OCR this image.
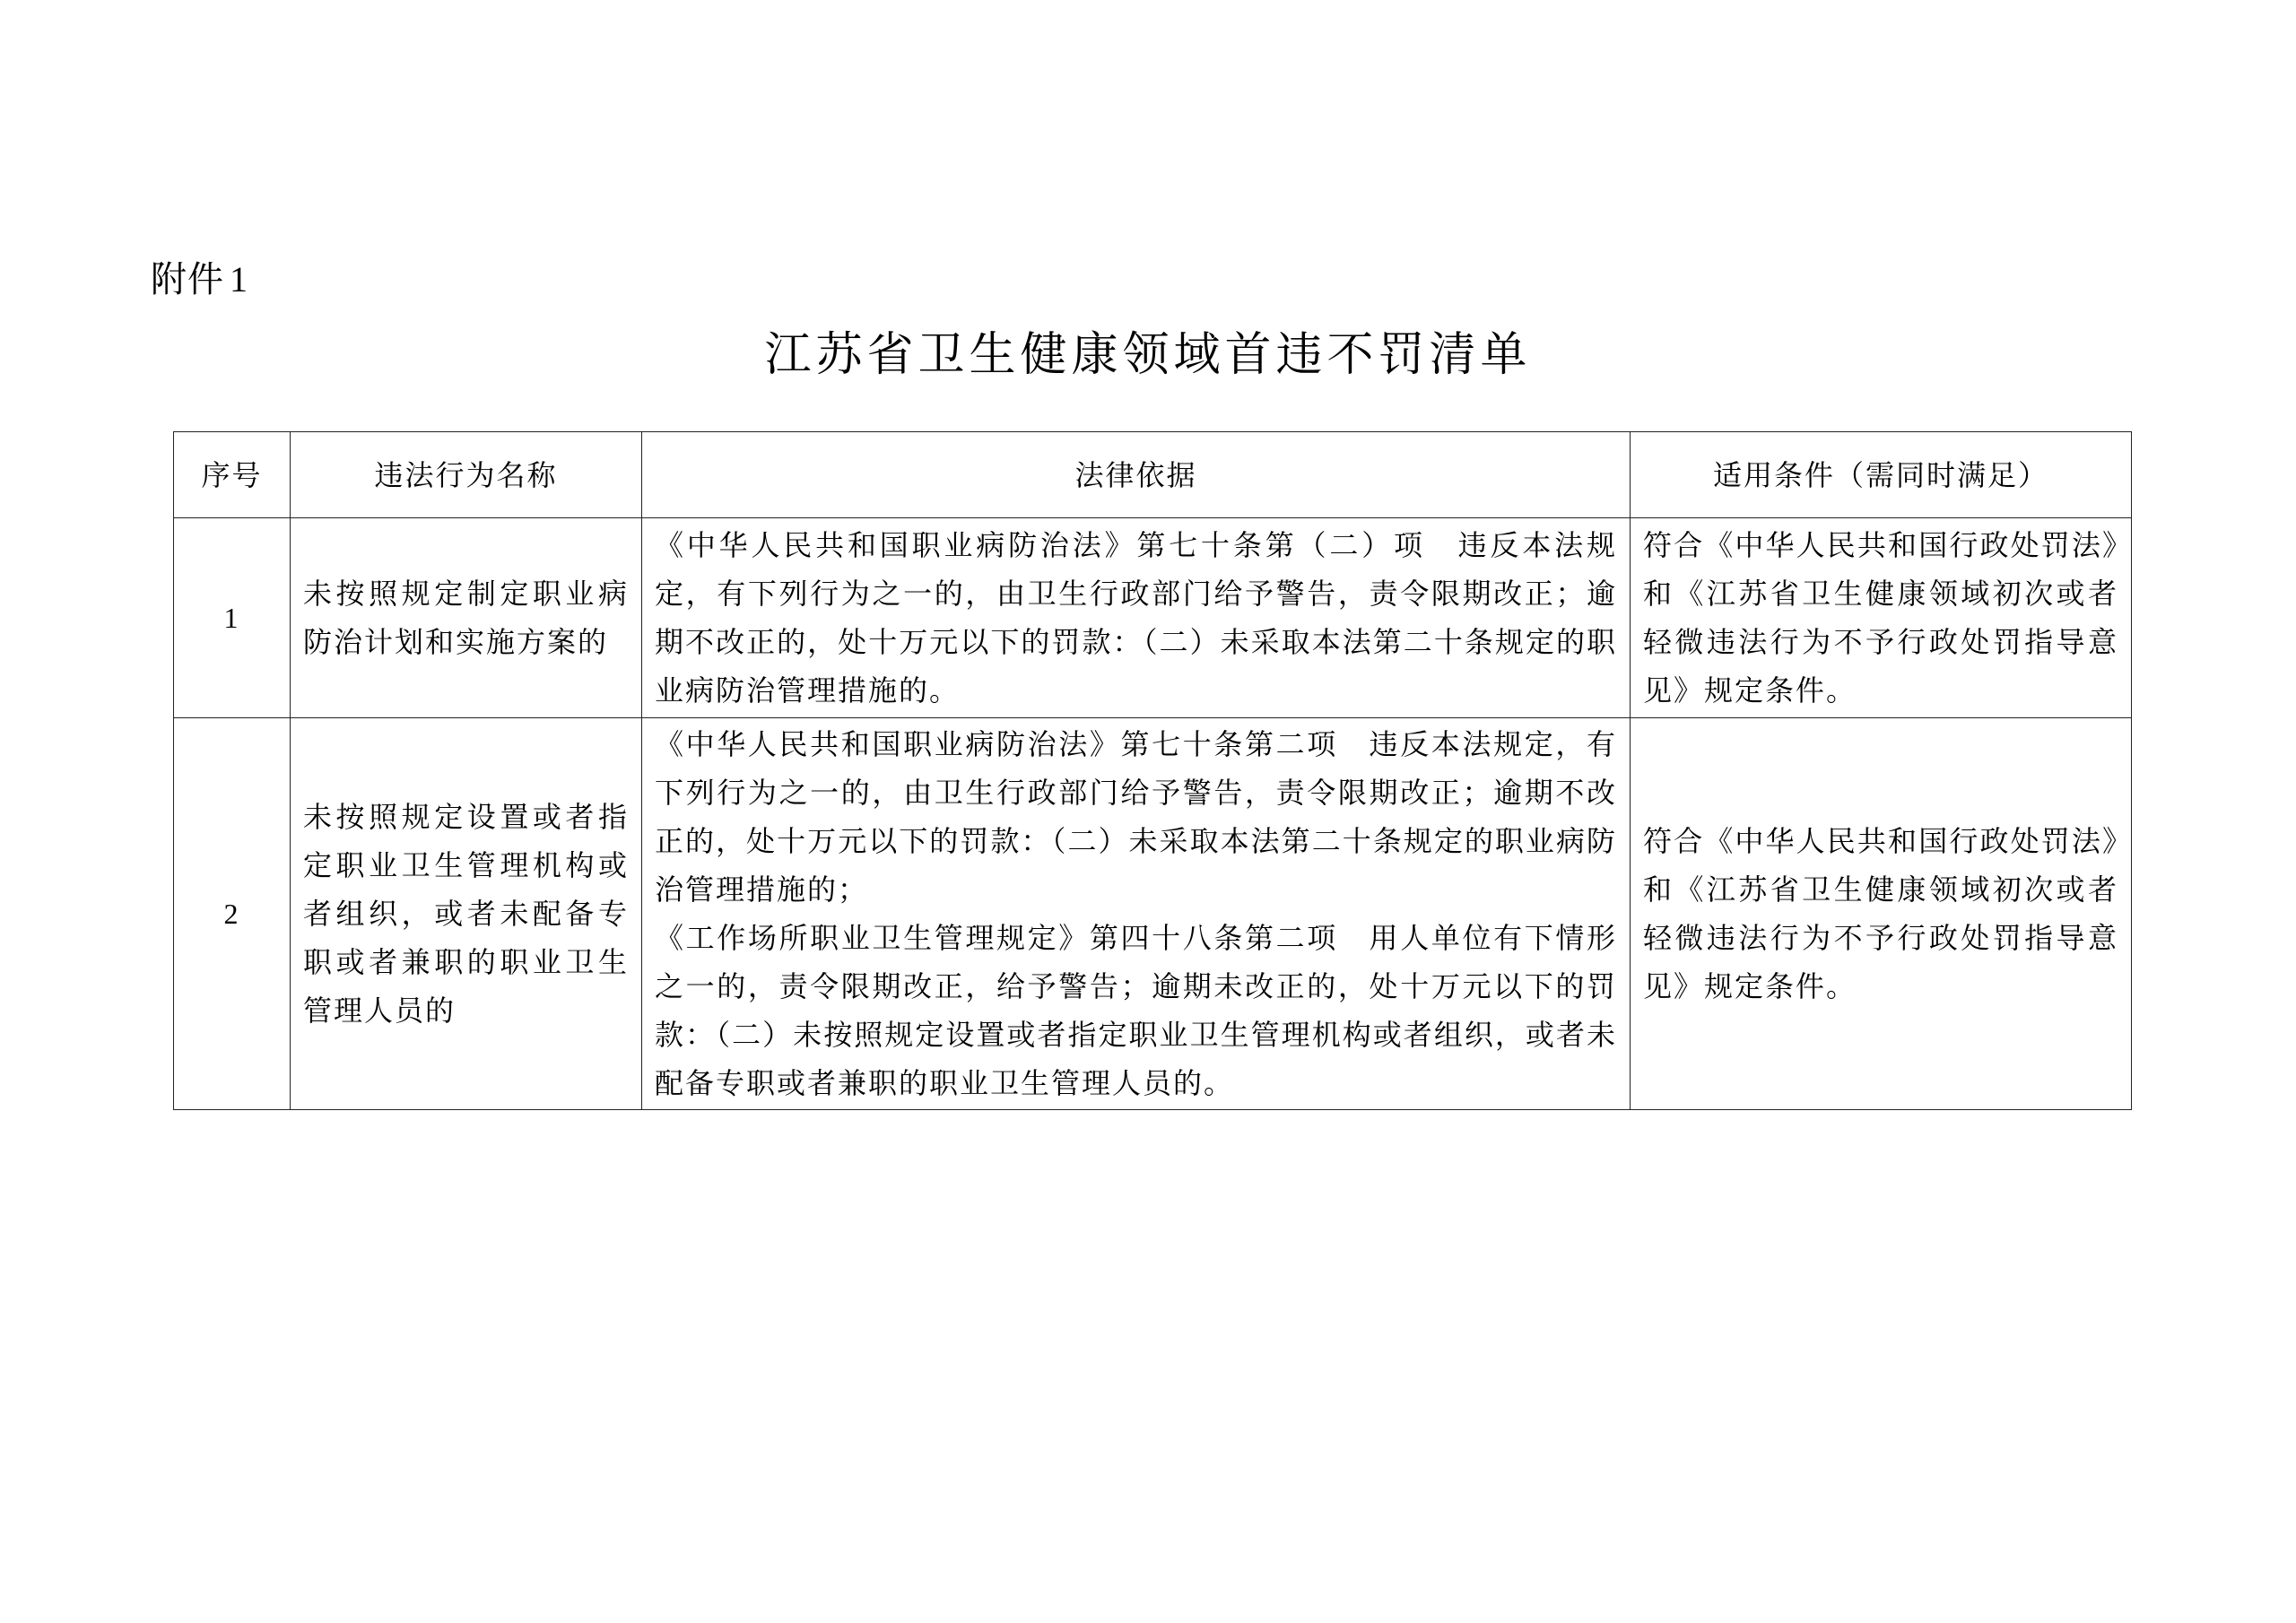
附件 1
江苏省卫生健康领域首违不罚清单
序号	违法行为名称	法律依据	适用条件（需同时满足）
1	未按照规定制定职业病防治计划和实施方案的	《中华人民共和国职业病防治法》第七十条第（二）项　违反本法规定，有下列行为之一的，由卫生行政部门给予警告，责令限期改正；逾期不改正的，处十万元以下的罚款：（二）未采取本法第二十条规定的职业病防治管理措施的。	符合《中华人民共和国行政处罚法》和《江苏省卫生健康领域初次或者轻微违法行为不予行政处罚指导意见》规定条件。
2	未按照规定设置或者指定职业卫生管理机构或者组织，或者未配备专职或者兼职的职业卫生管理人员的	《中华人民共和国职业病防治法》第七十条第二项　违反本法规定，有下列行为之一的，由卫生行政部门给予警告，责令限期改正；逾期不改正的，处十万元以下的罚款：（二）未采取本法第二十条规定的职业病防治管理措施的；
《工作场所职业卫生管理规定》第四十八条第二项　用人单位有下情形之一的，责令限期改正，给予警告；逾期未改正的，处十万元以下的罚款：（二）未按照规定设置或者指定职业卫生管理机构或者组织，或者未配备专职或者兼职的职业卫生管理人员的。	符合《中华人民共和国行政处罚法》和《江苏省卫生健康领域初次或者轻微违法行为不予行政处罚指导意见》规定条件。
